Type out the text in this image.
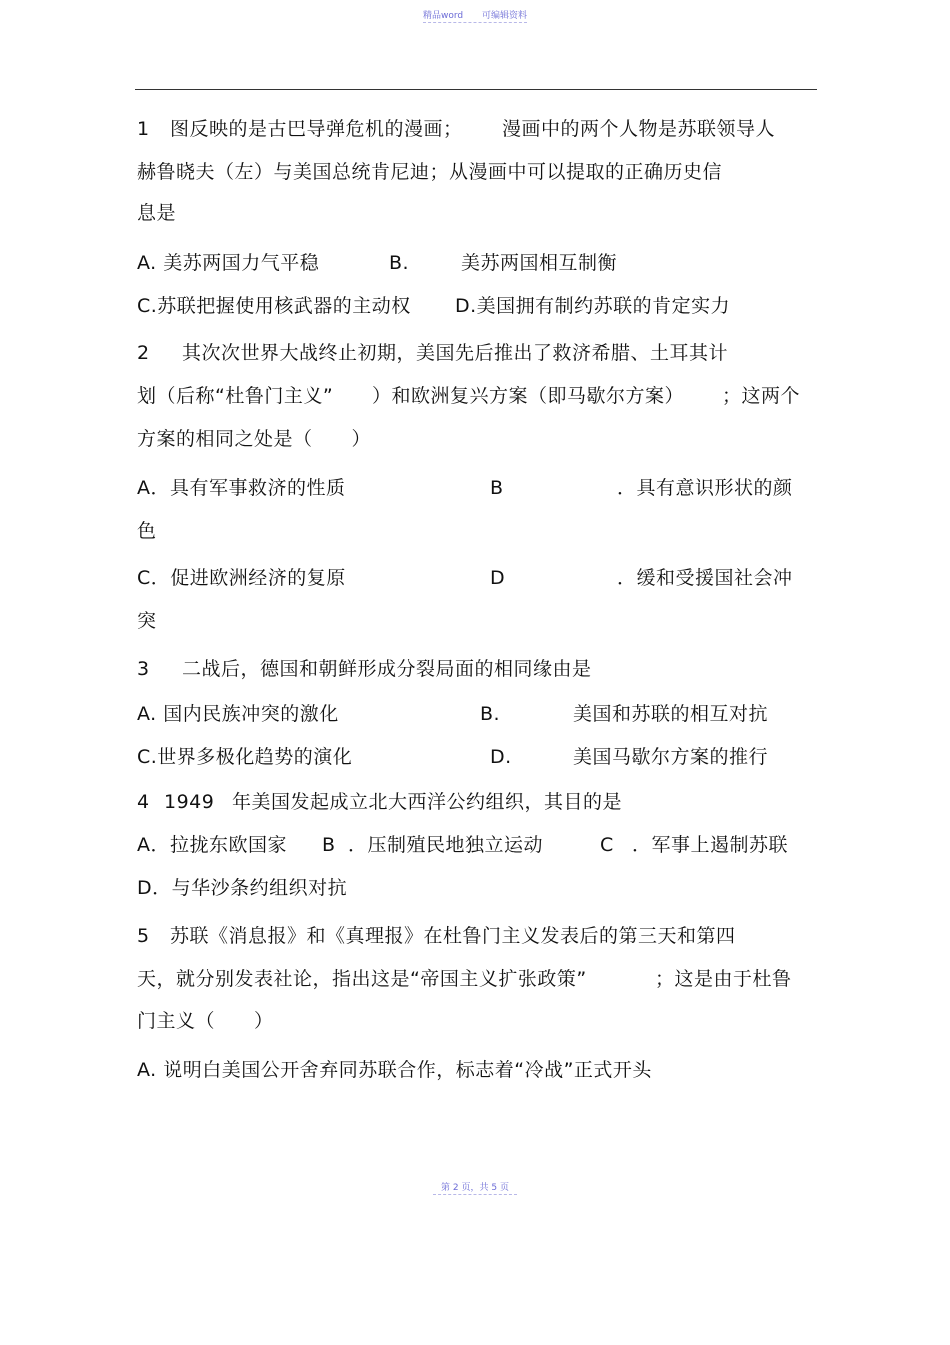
精品word 可编辑资料
1 图反映的是古巴导弹危机的漫画； 漫画中的两个人物是苏联领导人
赫鲁晓夫（左）与美国总统肯尼迪；从漫画中可以提取的正确历史信
息是
A. 美苏两国力气平稳	B.	美苏两国相互制衡
C.苏联把握使用核武器的主动权 D.美国拥有制约苏联的肯定实力
2 其次次世界大战终止初期，美国先后推出了救济希腊、土耳其计
划（后称“杜鲁门主义” ）和欧洲复兴方案（即马歇尔方案） ；这两个
方案的相同之处是（　　）
A．具有军事救济的性质	B	．具有意识形状的颜
色
C．促进欧洲经济的复原	D	．缓和受援国社会冲
突
3 二战后，德国和朝鲜形成分裂局面的相同缘由是
A. 国内民族冲突的激化	B.	美国和苏联的相互对抗
C.世界多极化趋势的演化	D.	美国马歇尔方案的推行
4 1949 年美国发起成立北大西洋公约组织，其目的是
A．拉拢东欧国家 B ．压制殖民地独立运动	C ．军事上遏制苏联
D．与华沙条约组织对抗
5 苏联《消息报》和《真理报》在杜鲁门主义发表后的第三天和第四
天，就分别发表社论，指出这是“帝国主义扩张政策”	；这是由于杜鲁
门主义（　　）
A. 说明白美国公开舍弃同苏联合作，标志着“冷战”正式开头
第 2 页，共 5 页
